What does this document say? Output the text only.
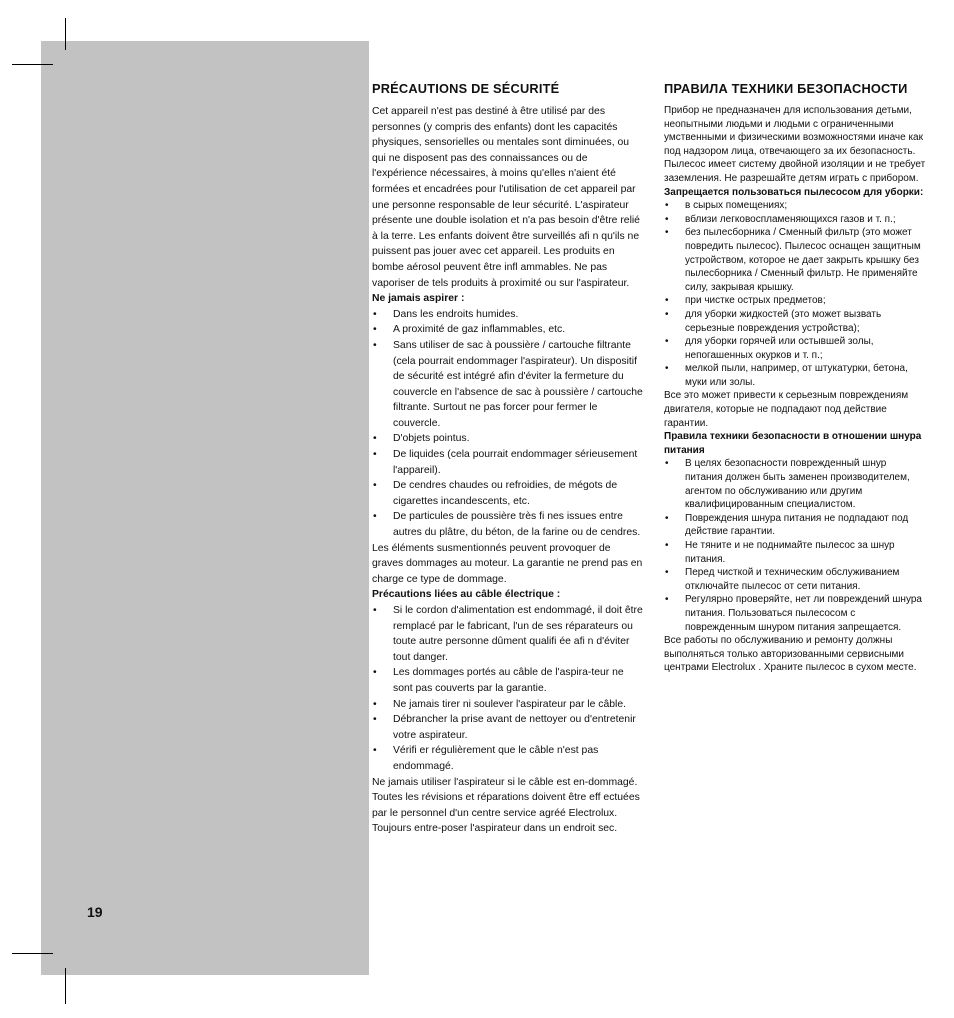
19
PRÉCAUTIONS DE SÉCURITÉ

Cet appareil n'est pas destiné à être utilisé par des personnes (y compris des enfants) dont les capacités physiques, sensorielles ou mentales sont diminuées, ou qui ne disposent pas des connaissances ou de l'expérience nécessaires, à moins qu'elles n'aient été formées et encadrées pour l'utilisation de cet appareil par une personne responsable de leur sécurité. L'aspirateur présente une double isolation et n'a pas besoin d'être relié à la terre. Les enfants doivent être surveillés afi n qu'ils ne puissent pas jouer avec cet appareil. Les produits en bombe aérosol peuvent être infl ammables. Ne pas vaporiser de tels produits à proximité ou sur l'aspirateur.

Ne jamais aspirer :

• Dans les endroits humides.
• A proximité de gaz inflammables, etc.
• Sans utiliser de sac à poussière / cartouche filtrante (cela pourrait endommager l'aspirateur). Un dispositif de sécurité est intégré afin d'éviter la fermeture du couvercle en l'absence de sac à poussière / cartouche filtrante. Surtout ne pas forcer pour fermer le couvercle.
• D'objets pointus.
• De liquides (cela pourrait endommager sérieusement l'appareil).
• De cendres chaudes ou refroidies, de mégots de cigarettes incandescents, etc.
• De particules de poussière très fi nes issues entre autres du plâtre, du béton, de la farine ou de cendres.

Les éléments susmentionnés peuvent provoquer de graves dommages au moteur. La garantie ne prend pas en charge ce type de dommage.

Précautions liées au câble électrique :

• Si le cordon d'alimentation est endommagé, il doit être remplacé par le fabricant, l'un de ses réparateurs ou toute autre personne dûment qualifi ée afi n d'éviter tout danger.
• Les dommages portés au câble de l'aspira-teur ne sont pas couverts par la garantie.
• Ne jamais tirer ni soulever l'aspirateur par le câble.
• Débrancher la prise avant de nettoyer ou d'entretenir votre aspirateur.
• Vérifi er régulièrement que le câble n'est pas endommagé.

Ne jamais utiliser l'aspirateur si le câble est en-dommagé. Toutes les révisions et réparations doivent être eff ectuées par le personnel d'un centre service agréé Electrolux. Toujours entre-poser l'aspirateur dans un endroit sec.

ПРАВИЛА ТЕХНИКИ БЕЗОПАСНОСТИ

Прибор не предназначен для использования детьми, неопытными людьми и людьми с ограниченными умственными и физическими возможностями иначе как под надзором лица, отвечающего за их безопасность. Пылесос имеет систему двойной изоляции и не требует заземления. Не разрешайте детям играть с прибором.

Запрещается пользоваться пылесосом для уборки:

• в сырых помещениях;
• вблизи легковоспламеняющихся газов и т. п.;
• без пылесборника / Сменный фильтр (это может повредить пылесос). Пылесос оснащен защитным устройством, которое не дает закрыть крышку без пылесборника / Сменный фильтр. Не применяйте силу, закрывая крышку.
• при чистке острых предметов;
• для уборки жидкостей (это может вызвать серьезные повреждения устройства);
• для уборки горячей или остывшей золы, непогашенных окурков и т. п.;
• мелкой пыли, например, от штукатурки, бетона, муки или золы.

Все это может привести к серьезным повреждениям двигателя, которые не подпадают под действие гарантии.

Правила техники безопасности в отношении шнура питания

• В целях безопасности поврежденный шнур питания должен быть заменен производителем, агентом по обслуживанию или другим квалифицированным специалистом.
• Повреждения шнура питания не подпадают под действие гарантии.
• Не тяните и не поднимайте пылесос за шнур питания.
• Перед чисткой и техническим обслуживанием отключайте пылесос от сети питания.
• Регулярно проверяйте, нет ли повреждений шнура питания. Пользоваться пылесосом с поврежденным шнуром питания запрещается.

Все работы по обслуживанию и ремонту должны выполняться только авторизованными сервисными центрами Electrolux . Храните пылесос в сухом месте.
